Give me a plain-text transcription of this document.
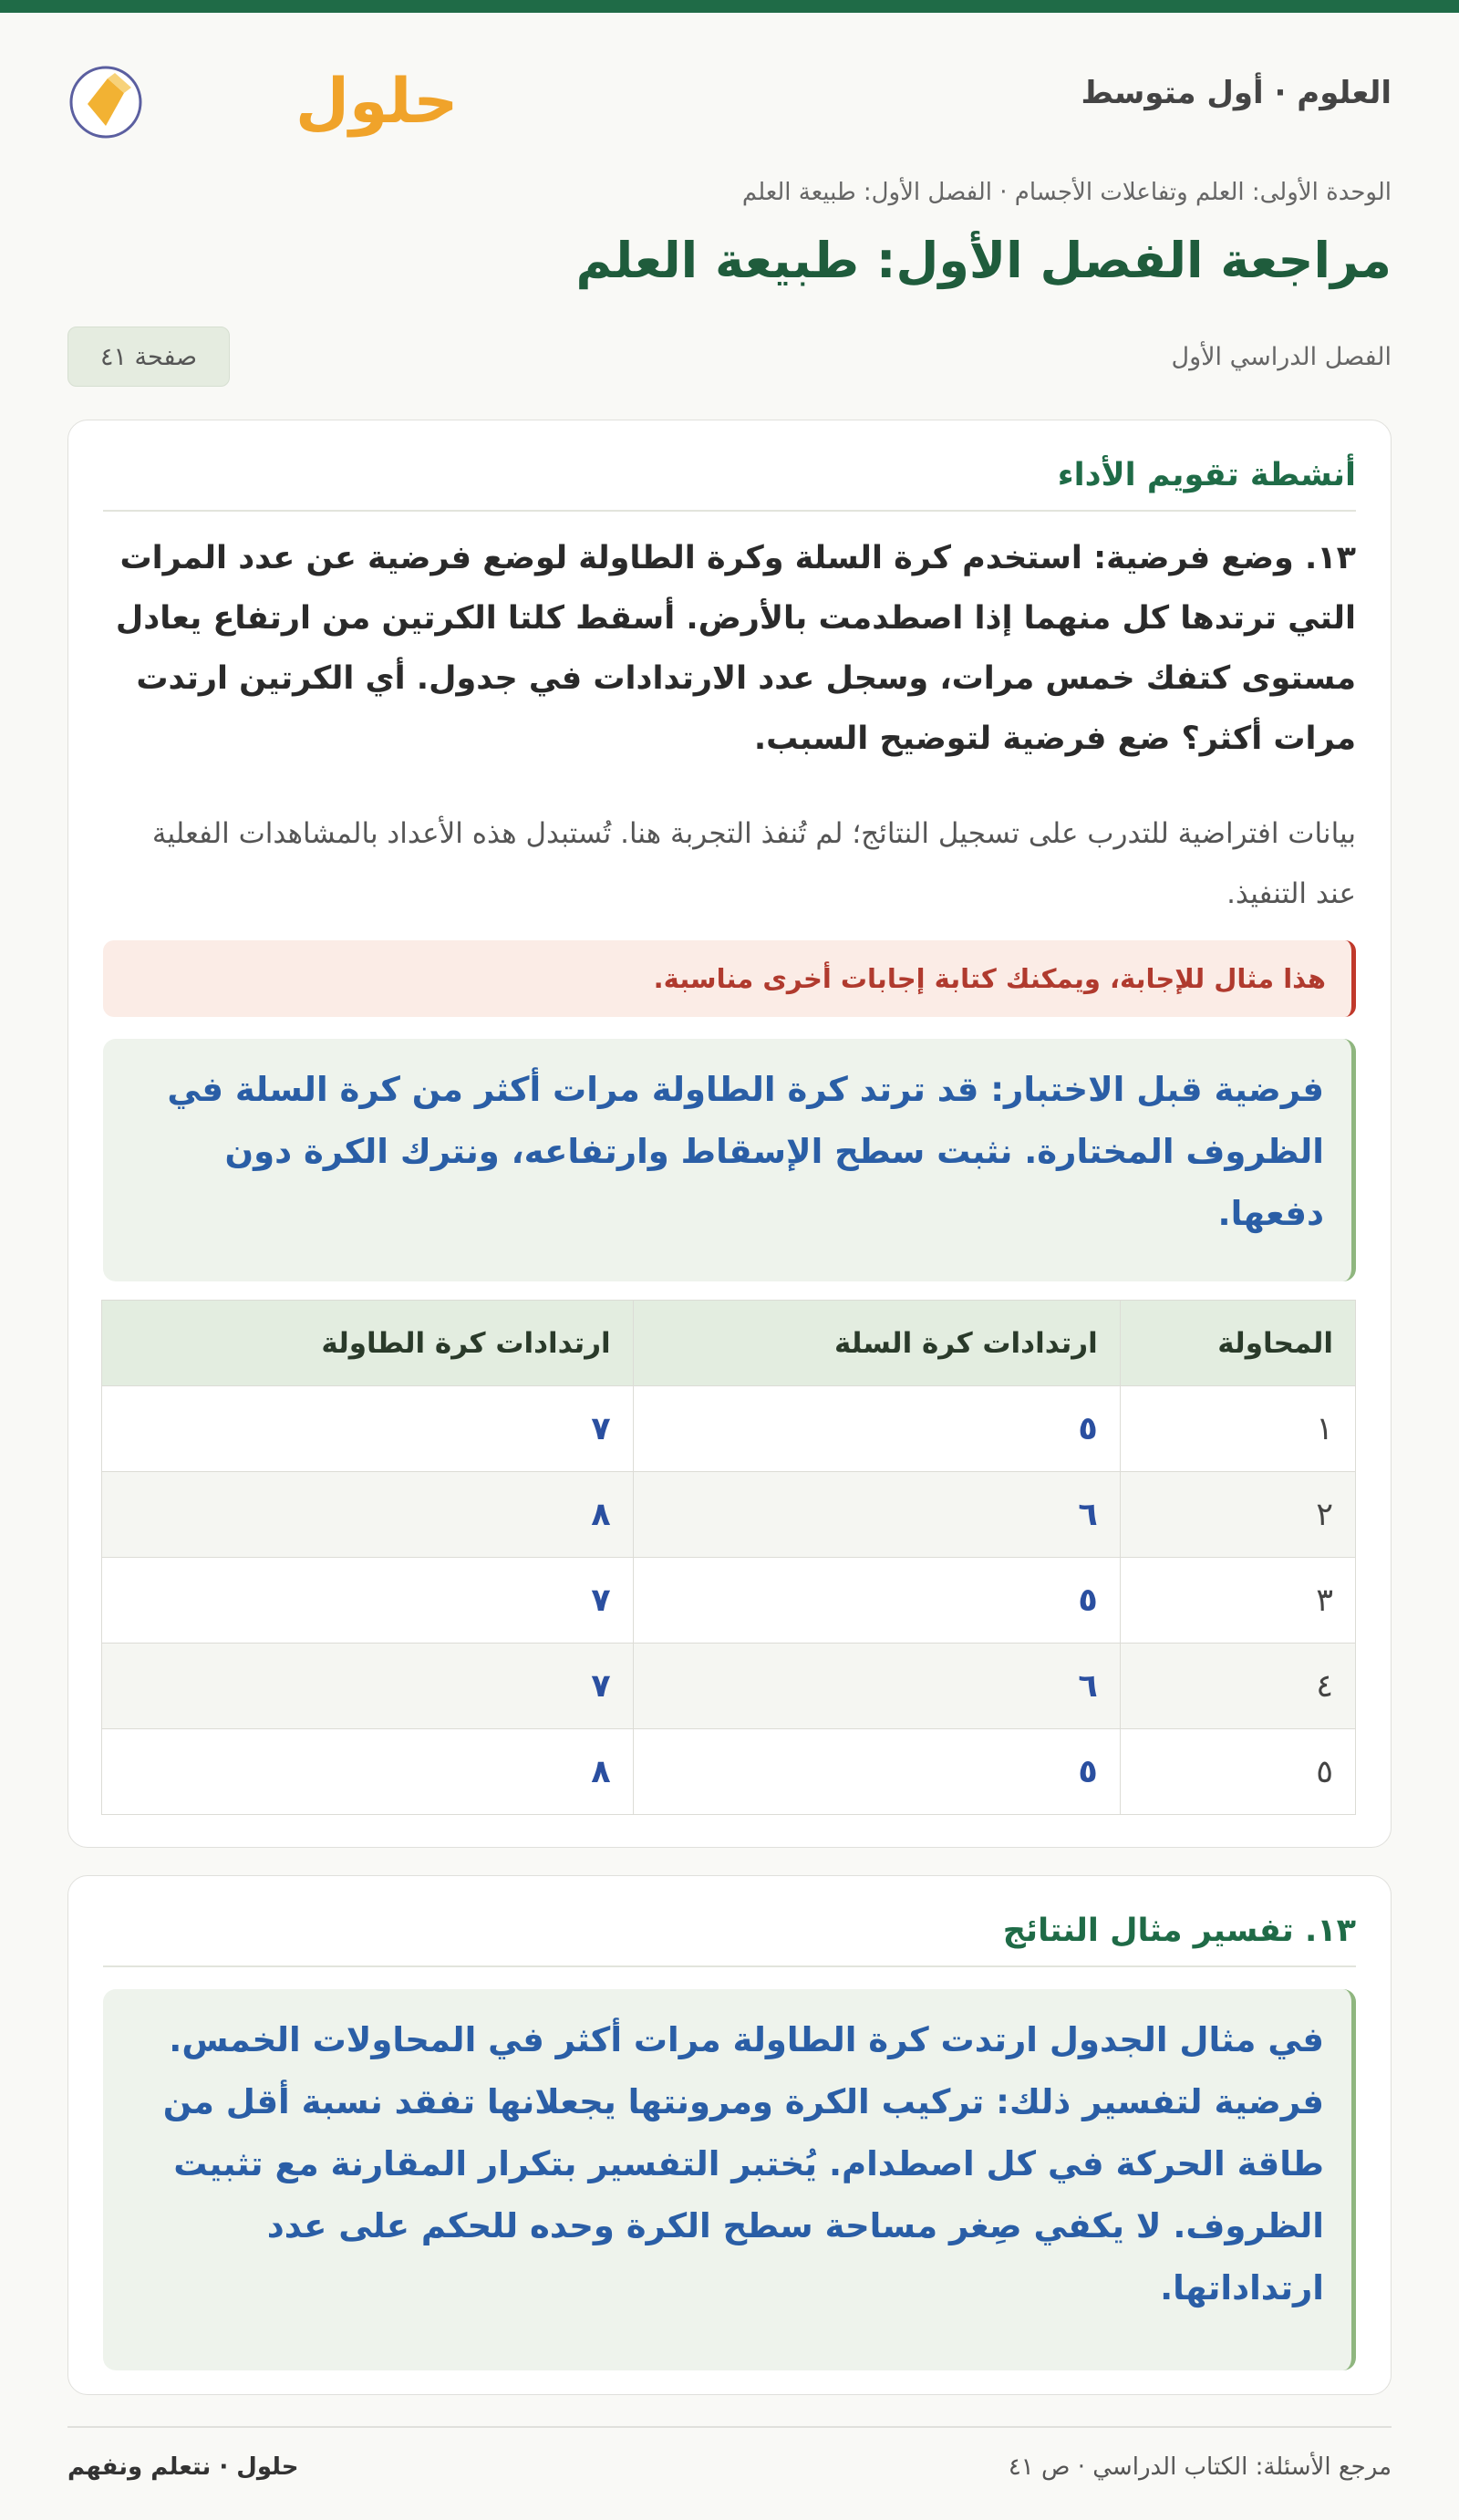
العلوم · أول متوسط
حلول
الوحدة الأولى: العلم وتفاعلات الأجسام · الفصل الأول: طبيعة العلم
مراجعة الفصل الأول: طبيعة العلم
الفصل الدراسي الأول
صفحة ٤١
أنشطة تقويم الأداء

١٣. وضع فرضية: استخدم كرة السلة وكرة الطاولة لوضع فرضية عن عدد المرات التي ترتدها كل منهما إذا اصطدمت بالأرض. أسقط كلتا الكرتين من ارتفاع يعادل مستوى كتفك خمس مرات، وسجل عدد الارتدادات في جدول. أي الكرتين ارتدت مرات أكثر؟ ضع فرضية لتوضيح السبب.

بيانات افتراضية للتدرب على تسجيل النتائج؛ لم تُنفذ التجربة هنا. تُستبدل هذه الأعداد بالمشاهدات الفعلية عند التنفيذ.

هذا مثال للإجابة، ويمكنك كتابة إجابات أخرى مناسبة.
فرضية قبل الاختبار: قد ترتد كرة الطاولة مرات أكثر من كرة السلة في الظروف المختارة. نثبت سطح الإسقاط وارتفاعه، ونترك الكرة دون دفعها.
المحاولة	ارتدادات كرة السلة	ارتدادات كرة الطاولة
١	٥	٧
٢	٦	٨
٣	٥	٧
٤	٦	٧
٥	٥	٨
١٣. تفسير مثال النتائج
في مثال الجدول ارتدت كرة الطاولة مرات أكثر في المحاولات الخمس. فرضية لتفسير ذلك: تركيب الكرة ومرونتها يجعلانها تفقد نسبة أقل من طاقة الحركة في كل اصطدام. يُختبر التفسير بتكرار المقارنة مع تثبيت الظروف. لا يكفي صِغر مساحة سطح الكرة وحده للحكم على عدد ارتداداتها.
مرجع الأسئلة: الكتاب الدراسي · ص ٤١
حلول · نتعلم ونفهم
